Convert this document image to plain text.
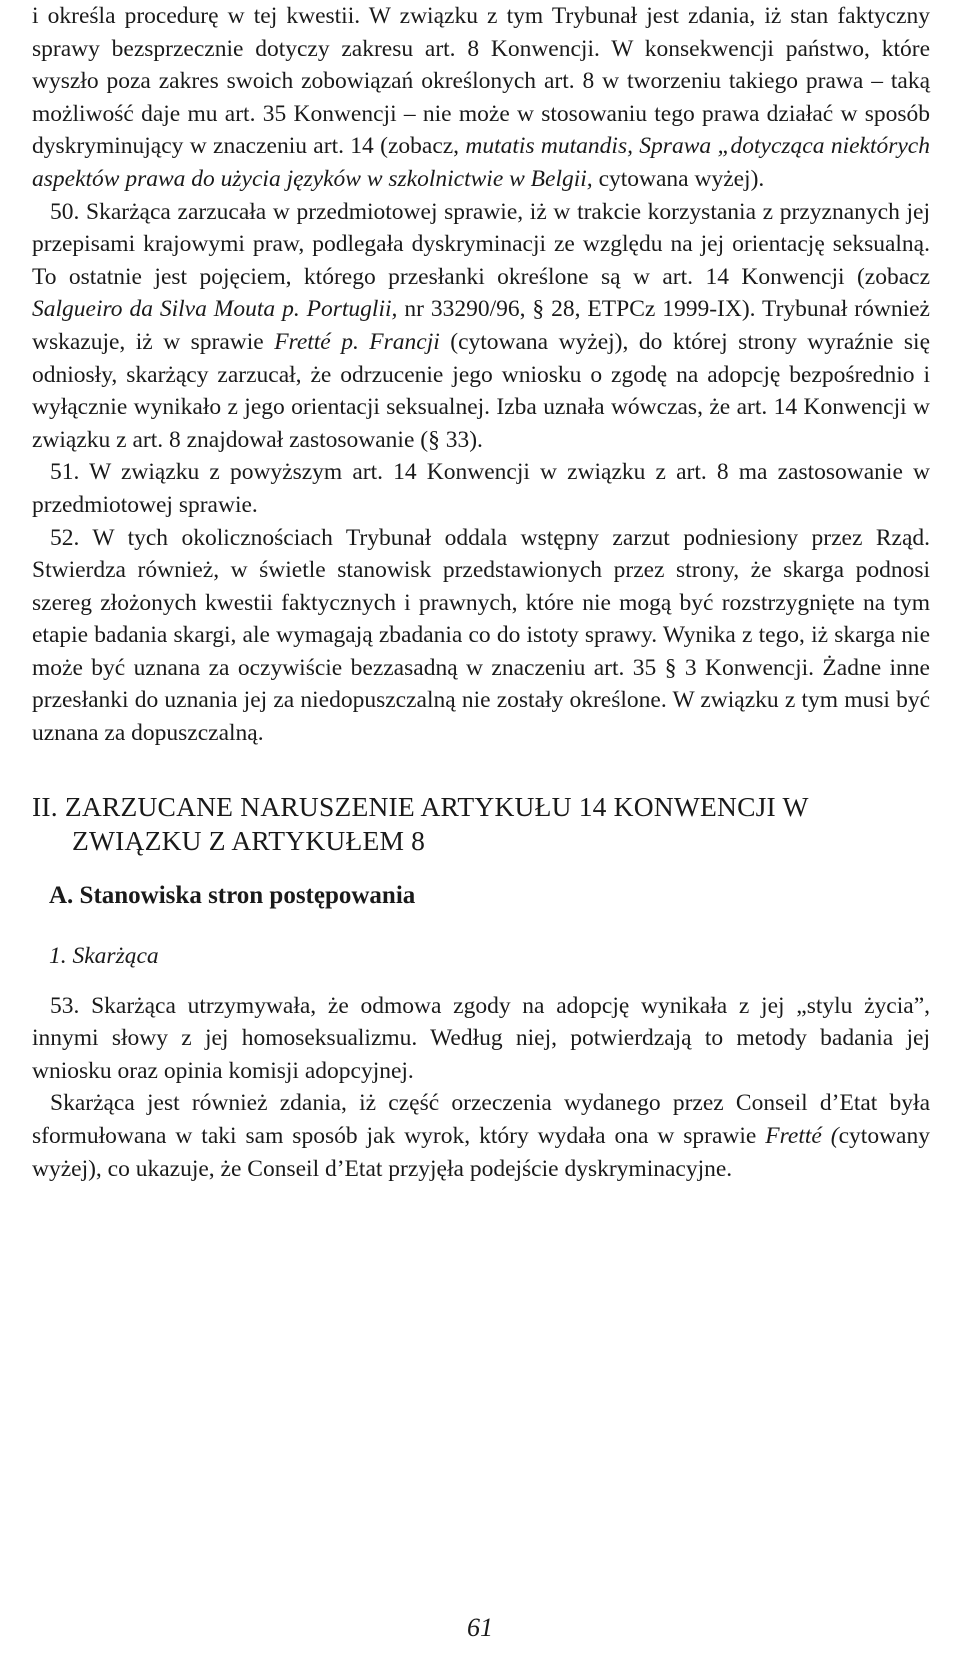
i określa procedurę w tej kwestii. W związku z tym Trybunał jest zdania, iż stan faktyczny sprawy bezsprzecznie dotyczy zakresu art. 8 Konwencji. W konsekwencji państwo, które wyszło poza zakres swoich zobowiązań określonych art. 8 w tworzeniu takiego prawa – taką możliwość daje mu art. 35 Konwencji – nie może w stosowaniu tego prawa działać w sposób dyskryminujący w znaczeniu art. 14 (zobacz, mutatis mutandis, Sprawa „dotycząca niektórych aspektów prawa do użycia języków w szkolnictwie w Belgii, cytowana wyżej).

50. Skarżąca zarzucała w przedmiotowej sprawie, iż w trakcie korzystania z przyznanych jej przepisami krajowymi praw, podlegała dyskryminacji ze względu na jej orientację seksualną. To ostatnie jest pojęciem, którego przesłanki określone są w art. 14 Konwencji (zobacz Salgueiro da Silva Mouta p. Portuglii, nr 33290/96, § 28, ETPCz 1999-IX). Trybunał również wskazuje, iż w sprawie Fretté p. Francji (cytowana wyżej), do której strony wyraźnie się odniosły, skarżący zarzucał, że odrzucenie jego wniosku o zgodę na adopcję bezpośrednio i wyłącznie wynikało z jego orientacji seksualnej. Izba uznała wówczas, że art. 14 Konwencji w związku z art. 8 znajdował zastosowanie (§ 33).

51. W związku z powyższym art. 14 Konwencji w związku z art. 8 ma zastosowanie w przedmiotowej sprawie.

52. W tych okolicznościach Trybunał oddala wstępny zarzut podniesiony przez Rząd. Stwierdza również, w świetle stanowisk przedstawionych przez strony, że skarga podnosi szereg złożonych kwestii faktycznych i prawnych, które nie mogą być rozstrzygnięte na tym etapie badania skargi, ale wymagają zbadania co do istoty sprawy. Wynika z tego, iż skarga nie może być uznana za oczywiście bezzasadną w znaczeniu art. 35 § 3 Konwencji. Żadne inne przesłanki do uznania jej za niedopuszczalną nie zostały określone. W związku z tym musi być uznana za dopuszczalną.

II. ZARZUCANE NARUSZENIE ARTYKUŁU 14 KONWENCJI W ZWIĄZKU Z ARTYKUŁEM 8
A. Stanowiska stron postępowania
1. Skarżąca

53. Skarżąca utrzymywała, że odmowa zgody na adopcję wynikała z jej „stylu życia”, innymi słowy z jej homoseksualizmu. Według niej, potwierdzają to metody badania jej wniosku oraz opinia komisji adopcyjnej.

Skarżąca jest również zdania, iż część orzeczenia wydanego przez Conseil d’Etat była sformułowana w taki sam sposób jak wyrok, który wydała ona w sprawie Fretté (cytowany wyżej), co ukazuje, że Conseil d’Etat przyjęła podejście dyskryminacyjne.

61
